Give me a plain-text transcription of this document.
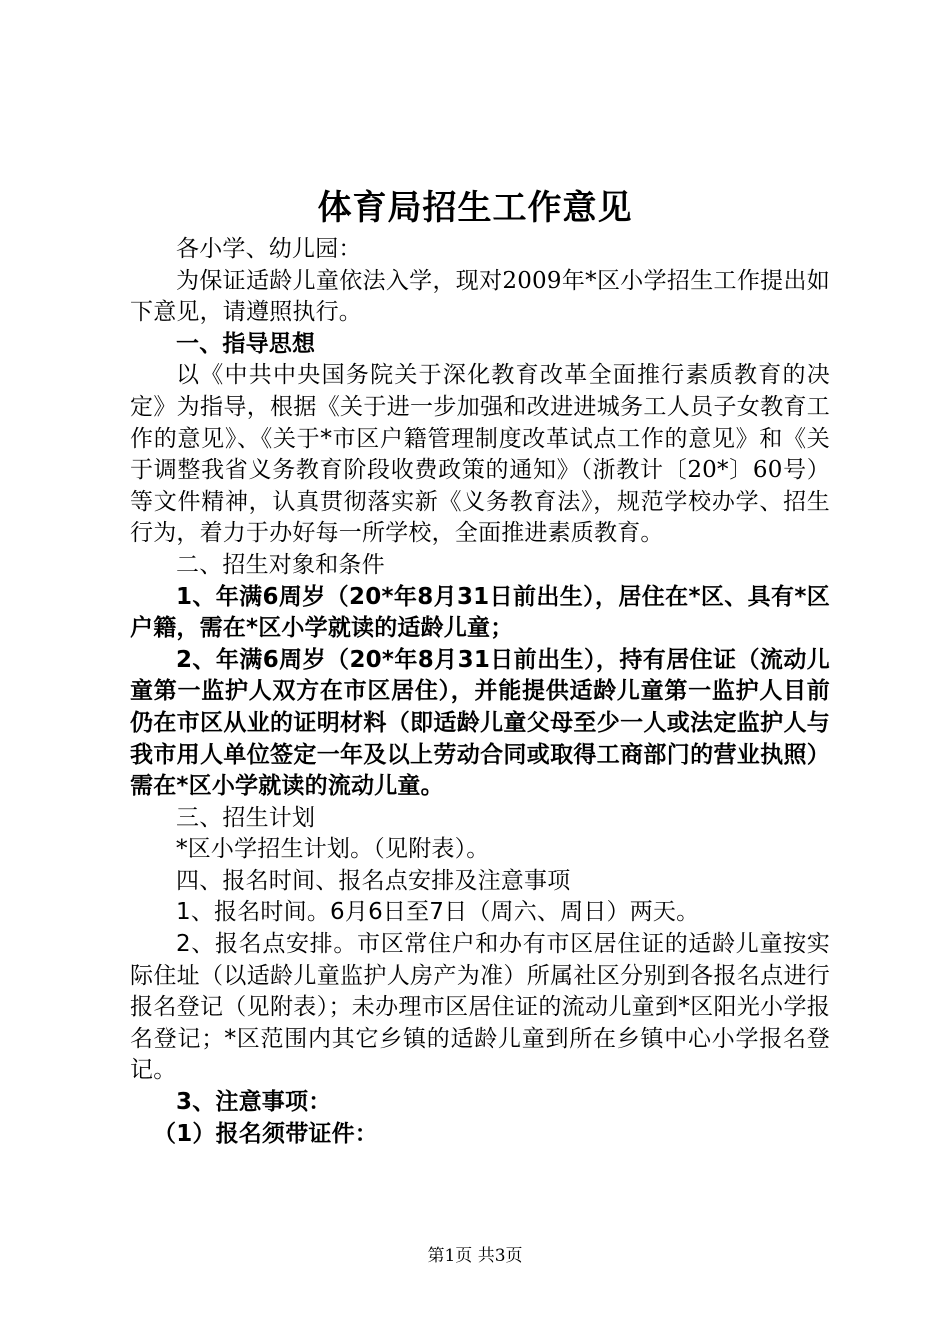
体育局招生工作意见

各小学、幼儿园：

为保证适龄儿童依法入学，现对2009年*区小学招生工作提出如下意见，请遵照执行。

一、指导思想

以《中共中央国务院关于深化教育改革全面推行素质教育的决定》为指导，根据《关于进一步加强和改进进城务工人员子女教育工作的意见》、《关于*市区户籍管理制度改革试点工作的意见》和《关于调整我省义务教育阶段收费政策的通知》（浙教计〔20*〕60号）等文件精神，认真贯彻落实新《义务教育法》，规范学校办学、招生行为，着力于办好每一所学校，全面推进素质教育。

二、招生对象和条件

1、年满6周岁（20*年8月31日前出生），居住在*区、具有*区户籍，需在*区小学就读的适龄儿童；

2、年满6周岁（20*年8月31日前出生），持有居住证（流动儿童第一监护人双方在市区居住），并能提供适龄儿童第一监护人目前仍在市区从业的证明材料（即适龄儿童父母至少一人或法定监护人与我市用人单位签定一年及以上劳动合同或取得工商部门的营业执照）需在*区小学就读的流动儿童。

三、招生计划

*区小学招生计划。（见附表）。

四、报名时间、报名点安排及注意事项

1、报名时间。6月6日至7日（周六、周日）两天。

2、报名点安排。市区常住户和办有市区居住证的适龄儿童按实际住址（以适龄儿童监护人房产为准）所属社区分别到各报名点进行报名登记（见附表）；未办理市区居住证的流动儿童到*区阳光小学报名登记；*区范围内其它乡镇的适龄儿童到所在乡镇中心小学报名登记。

3、注意事项：

（1）报名须带证件：

第1页 共3页
